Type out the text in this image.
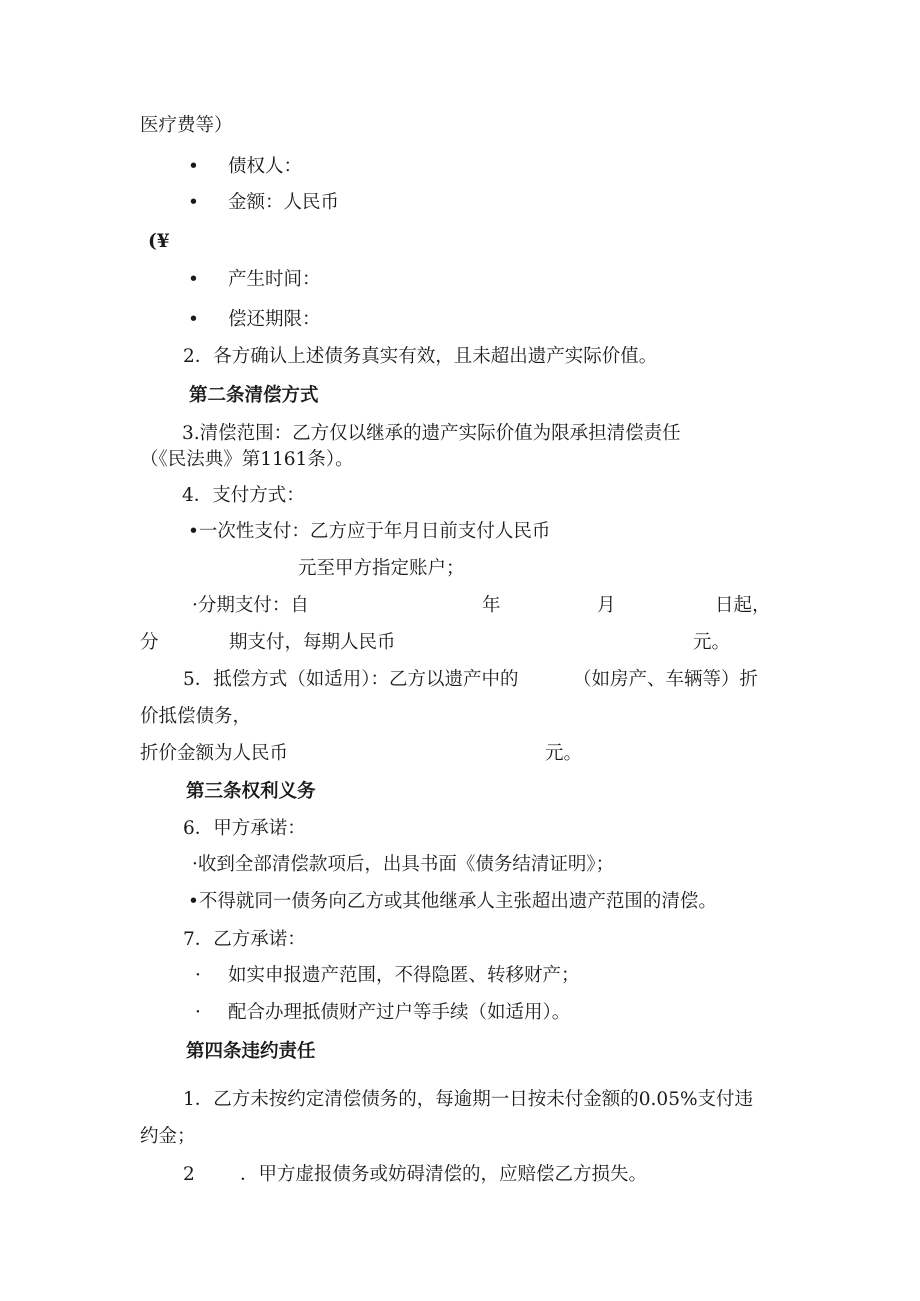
医疗费等）
• 债权人：
• 金额：人民币
(¥
• 产生时间：
• 偿还期限：
2．各方确认上述债务真实有效，且未超出遗产实际价值。
第二条清偿方式
3.清偿范围：乙方仅以继承的遗产实际价值为限承担清偿责任
（《民法典》第1161条）。
4．支付方式：
•一次性支付：乙方应于年月日前支付人民币
元至甲方指定账户；
·分期支付：自	年	月	日起，
分	期支付，每期人民币	元。
5．抵偿方式（如适用）：乙方以遗产中的	（如房产、车辆等）折
价抵偿债务，
折价金额为人民币	元。
第三条权利义务
6．甲方承诺：
·收到全部清偿款项后，出具书面《债务结清证明》；
•不得就同一债务向乙方或其他继承人主张超出遗产范围的清偿。
7．乙方承诺：
· 如实申报遗产范围，不得隐匿、转移财产；
· 配合办理抵债财产过户等手续（如适用）。
第四条违约责任
1．乙方未按约定清偿债务的，每逾期一日按未付金额的0.05%支付违
约金；
2 ．甲方虚报债务或妨碍清偿的，应赔偿乙方损失。
